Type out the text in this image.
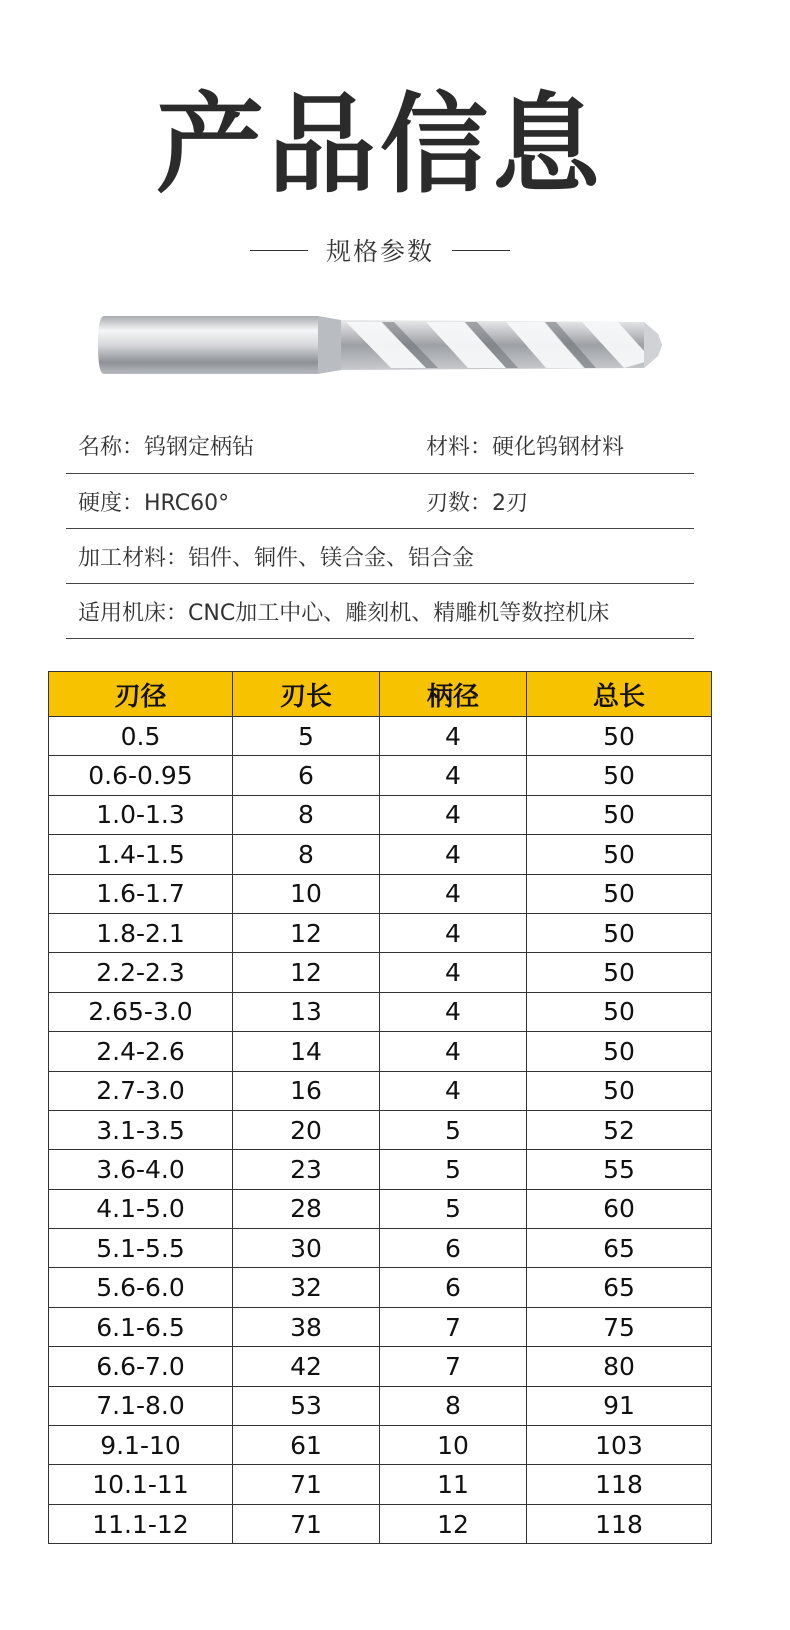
产品信息
规格参数
名称：钨钢定柄钻	材料：硬化钨钢材料
硬度：HRC60°	刃数：2刃
加工材料：铝件、铜件、镁合金、铝合金
适用机床：CNC加工中心、雕刻机、精雕机等数控机床
刃径	刃长	柄径	总长
0.5	5	4	50
0.6-0.95	6	4	50
1.0-1.3	8	4	50
1.4-1.5	8	4	50
1.6-1.7	10	4	50
1.8-2.1	12	4	50
2.2-2.3	12	4	50
2.65-3.0	13	4	50
2.4-2.6	14	4	50
2.7-3.0	16	4	50
3.1-3.5	20	5	52
3.6-4.0	23	5	55
4.1-5.0	28	5	60
5.1-5.5	30	6	65
5.6-6.0	32	6	65
6.1-6.5	38	7	75
6.6-7.0	42	7	80
7.1-8.0	53	8	91
9.1-10	61	10	103
10.1-11	71	11	118
11.1-12	71	12	118
